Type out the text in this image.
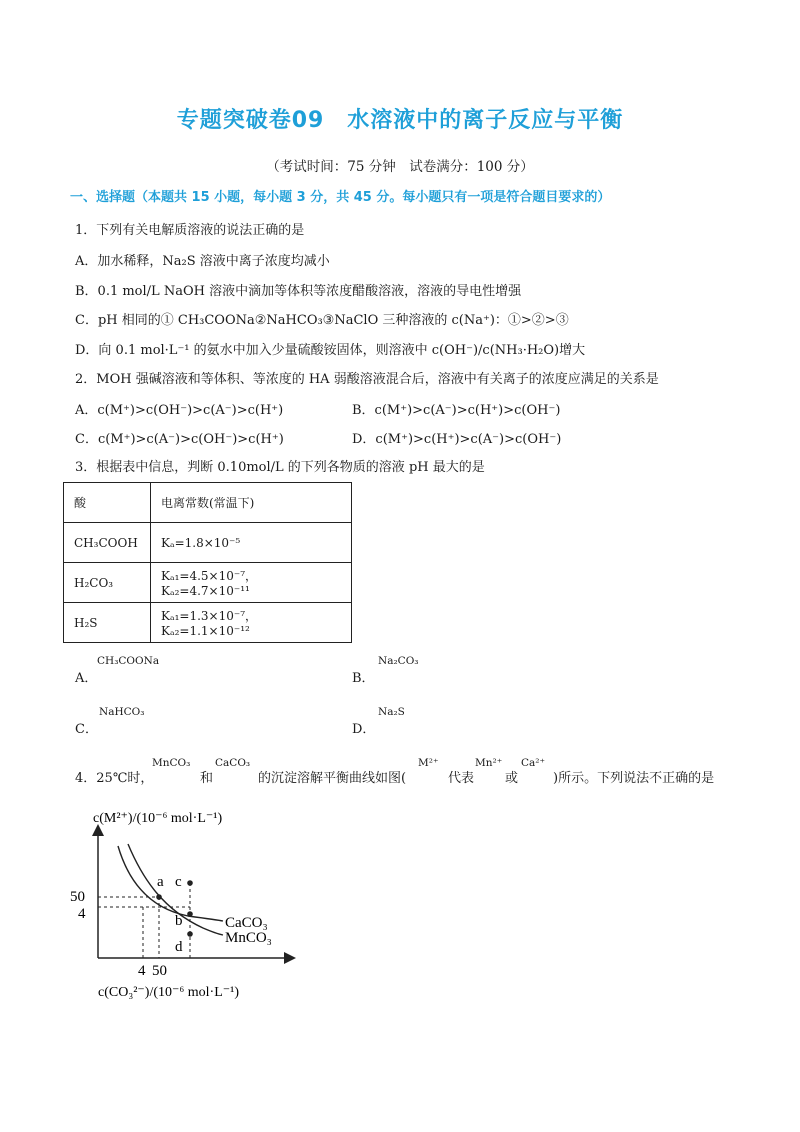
专题突破卷09　水溶液中的离子反应与平衡
（考试时间：75 分钟　试卷满分：100 分）
一、选择题（本题共 15 小题，每小题 3 分，共 45 分。每小题只有一项是符合题目要求的）
1．下列有关电解质溶液的说法正确的是
A．加水稀释，Na₂S 溶液中离子浓度均减小
B．0.1 mol/L NaOH 溶液中滴加等体积等浓度醋酸溶液，溶液的导电性增强
C．pH 相同的① CH₃COONa②NaHCO₃③NaClO 三种溶液的 c(Na⁺)：①>②>③
D．向 0.1 mol·L⁻¹ 的氨水中加入少量硫酸铵固体，则溶液中 c(OH⁻)/c(NH₃·H₂O)增大
2．MOH 强碱溶液和等体积、等浓度的 HA 弱酸溶液混合后，溶液中有关离子的浓度应满足的关系是
A．c(M⁺)>c(OH⁻)>c(A⁻)>c(H⁺)	B．c(M⁺)>c(A⁻)>c(H⁺)>c(OH⁻)
C．c(M⁺)>c(A⁻)>c(OH⁻)>c(H⁺)	D．c(M⁺)>c(H⁺)>c(A⁻)>c(OH⁻)
3．根据表中信息，判断 0.10mol/L 的下列各物质的溶液 pH 最大的是
酸	电离常数(常温下)
CH₃COOH	Kₐ=1.8×10⁻⁵
H₂CO₃	Kₐ₁=4.5×10⁻⁷，Kₐ₂=4.7×10⁻¹¹
H₂S	Kₐ₁=1.3×10⁻⁷，Kₐ₂=1.1×10⁻¹²
A．
CH₃COONa
B．
Na₂CO₃
C．
NaHCO₃
D．
Na₂S
4．25℃时，
MnCO₃
和
CaCO₃
的沉淀溶解平衡曲线如图(
M²⁺
代表
Mn²⁺
或
Ca²⁺
)所示。下列说法不正确的是
c(M²⁺)/(10⁻⁶ mol·L⁻¹)
50
4
4 50
CaCO₃
MnCO₃
a
b
c
d
c(CO₃²⁻)/(10⁻⁶ mol·L⁻¹)
